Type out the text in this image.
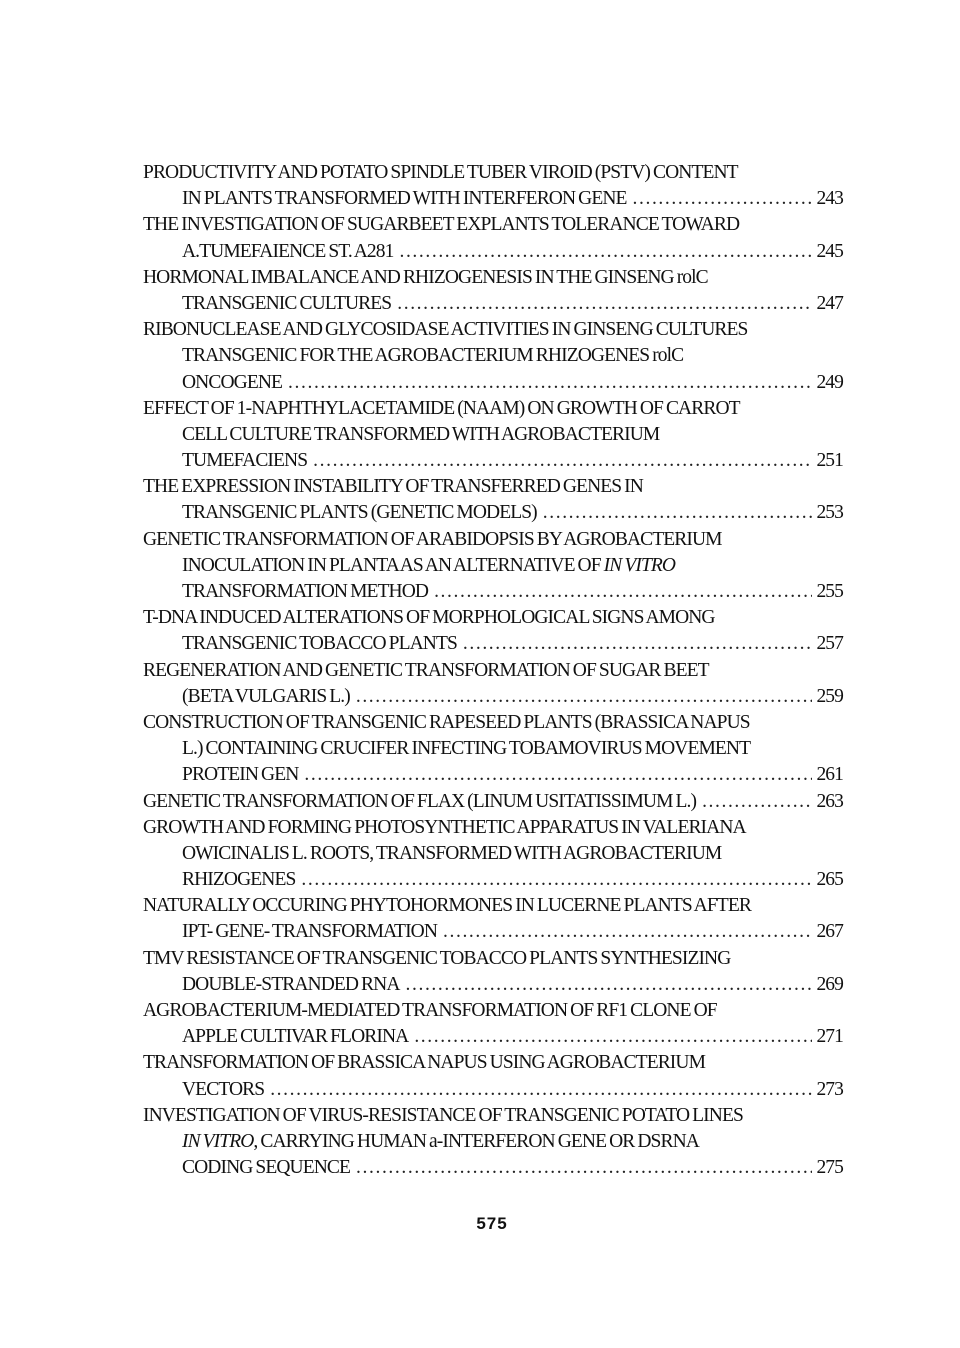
PRODUCTIVITY AND POTATO SPINDLE TUBER VIROID (PSTV) CONTENT
IN PLANTS TRANSFORMED WITH INTERFERON GENE .....	243
THE INVESTIGATION OF SUGARBEET EXPLANTS TOLERANCE TOWARD
A.TUMEFAIENCE ST. A281 .....	245
HORMONAL IMBALANCE AND RHIZOGENESIS IN THE GINSENG rolC
TRANSGENIC CULTURES .....	247
RIBONUCLEASE AND GLYCOSIDASE ACTIVITIES IN GINSENG CULTURES
TRANSGENIC FOR THE AGROBACTERIUM RHIZOGENES rolC
ONCOGENE .....	249
EFFECT OF 1-NAPHTHYLACETAMIDE (NAAM) ON GROWTH OF CARROT
CELL CULTURE TRANSFORMED WITH AGROBACTERIUM
TUMEFACIENS .....	251
THE EXPRESSION INSTABILITY OF TRANSFERRED GENES IN
TRANSGENIC PLANTS (GENETIC MODELS) .....	253
GENETIC TRANSFORMATION OF ARABIDOPSIS BY AGROBACTERIUM
INOCULATION IN PLANTA AS AN ALTERNATIVE OF
IN VITRO
TRANSFORMATION METHOD .....	255
T-DNA INDUCED ALTERATIONS OF MORPHOLOGICAL SIGNS AMONG
TRANSGENIC TOBACCO PLANTS .....	257
REGENERATION AND GENETIC TRANSFORMATION OF SUGAR BEET
(BETA VULGARIS L.) .....	259
CONSTRUCTION OF TRANSGENIC RAPESEED PLANTS (BRASSICA NAPUS
L.) CONTAINING CRUCIFER INFECTING TOBAMOVIRUS MOVEMENT
PROTEIN GEN .....	261
GENETIC TRANSFORMATION OF FLAX (LINUM USITATISSIMUM L.) .....	263
GROWTH AND FORMING PHOTOSYNTHETIC APPARATUS IN VALERIANA
OWICINALIS L. ROOTS, TRANSFORMED WITH AGROBACTERIUM
RHIZOGENES .....	265
NATURALLY OCCURING PHYTOHORMONES IN LUCERNE PLANTS AFTER
IPT- GENE- TRANSFORMATION .....	267
TMV RESISTANCE OF TRANSGENIC TOBACCO PLANTS SYNTHESIZING
DOUBLE-STRANDED RNA .....	269
AGROBACTERIUM-MEDIATED TRANSFORMATION OF RF1 CLONE OF
APPLE CULTIVAR FLORINA .....	271
TRANSFORMATION OF BRASSICA NAPUS USING AGROBACTERIUM
VECTORS .....	273
INVESTIGATION OF VIRUS-RESISTANCE OF TRANSGENIC POTATO LINES
IN VITRO , CARRYING HUMAN a-INTERFERON GENE OR DSRNA
CODING SEQUENCE .....	275
575
